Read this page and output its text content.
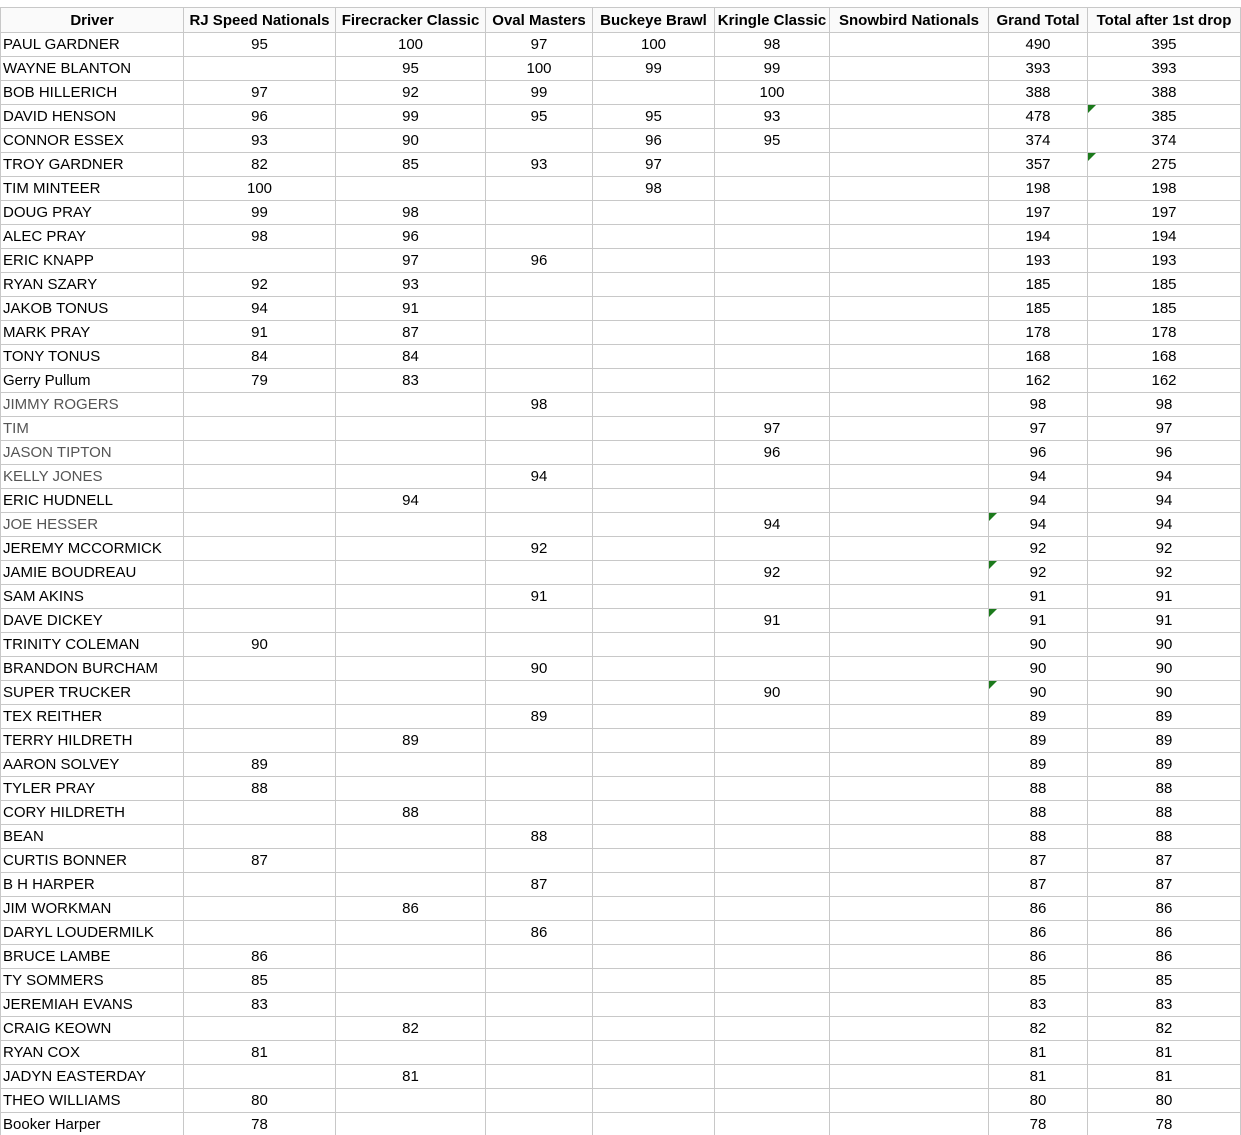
Driver	RJ Speed Nationals	Firecracker Classic	Oval Masters	Buckeye Brawl	Kringle Classic	Snowbird Nationals	Grand Total	Total after 1st drop
PAUL GARDNER	95	100	97	100	98		490	395
WAYNE BLANTON		95	100	99	99		393	393
BOB HILLERICH	97	92	99		100		388	388
DAVID HENSON	96	99	95	95	93		478	385

CONNOR ESSEX	93	90		96	95		374	374
TROY GARDNER	82	85	93	97			357	275

TIM MINTEER	100			98			198	198
DOUG PRAY	99	98					197	197
ALEC PRAY	98	96					194	194
ERIC KNAPP		97	96				193	193
RYAN SZARY	92	93					185	185
JAKOB TONUS	94	91					185	185
MARK PRAY	91	87					178	178
TONY TONUS	84	84					168	168
Gerry Pullum	79	83					162	162
JIMMY ROGERS			98				98	98
TIM					97		97	97
JASON TIPTON					96		96	96
KELLY JONES			94				94	94
ERIC HUDNELL		94					94	94
JOE HESSER					94		94	94
JEREMY MCCORMICK			92				92	92
JAMIE BOUDREAU					92		92	92
SAM AKINS			91				91	91
DAVE DICKEY					91		91	91
TRINITY COLEMAN	90						90	90
BRANDON BURCHAM			90				90	90
SUPER TRUCKER					90		90	90
TEX REITHER			89				89	89
TERRY HILDRETH		89					89	89
AARON SOLVEY	89						89	89
TYLER PRAY	88						88	88
CORY HILDRETH		88					88	88
BEAN			88				88	88
CURTIS BONNER	87						87	87
B H HARPER			87				87	87
JIM WORKMAN		86					86	86
DARYL LOUDERMILK			86				86	86
BRUCE LAMBE	86						86	86
TY SOMMERS	85						85	85
JEREMIAH EVANS	83						83	83
CRAIG KEOWN		82					82	82
RYAN COX	81						81	81
JADYN EASTERDAY		81					81	81
THEO WILLIAMS	80						80	80
Booker Harper	78						78	78
